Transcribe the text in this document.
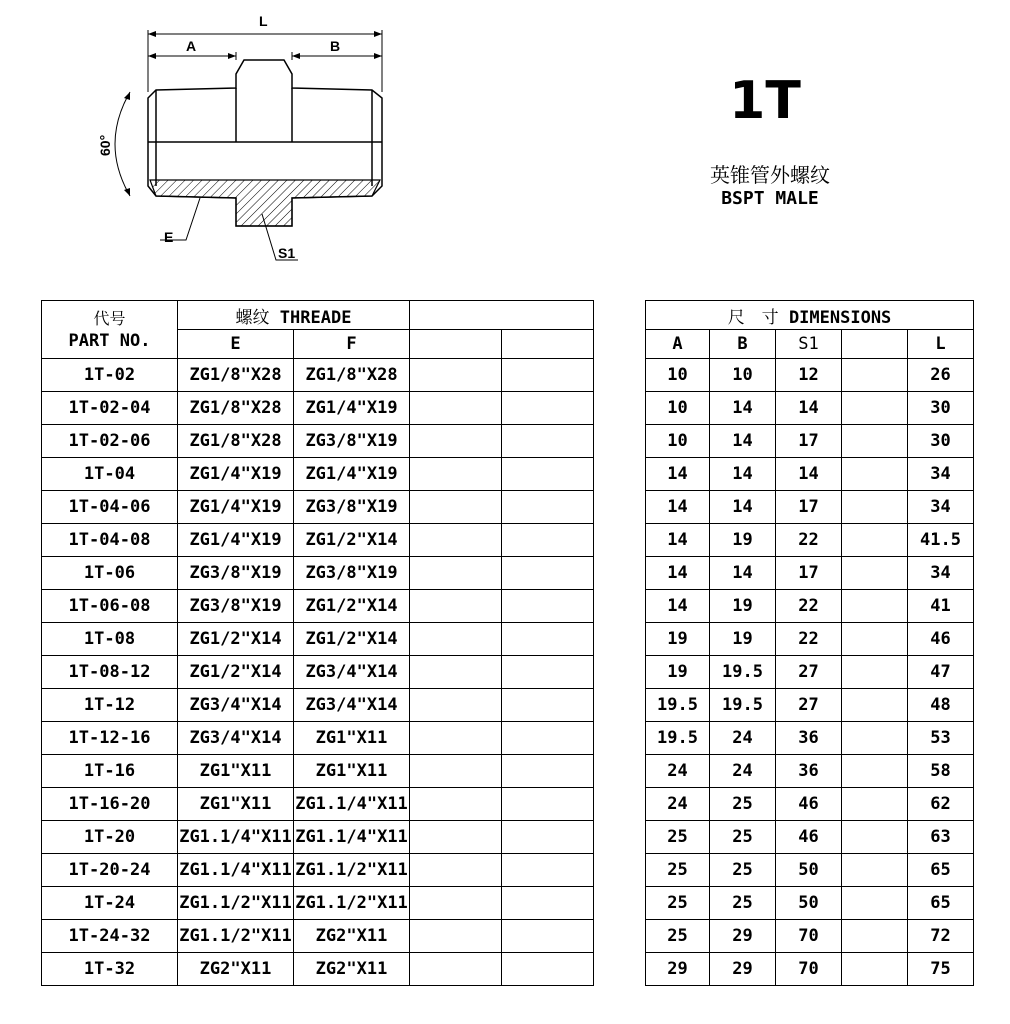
L
A	B
60°
E
S1
1T
英锥管外螺纹
BSPT MALE
代号
PART NO.	螺纹 THREADE					尺　寸 DIMENSIONS				
	E	F				A	B	S1		L
1T-02	ZG1/8"X28	ZG1/8"X28				10	10	12		26
1T-02-04	ZG1/8"X28	ZG1/4"X19				10	14	14		30
1T-02-06	ZG1/8"X28	ZG3/8"X19				10	14	17		30
1T-04	ZG1/4"X19	ZG1/4"X19				14	14	14		34
1T-04-06	ZG1/4"X19	ZG3/8"X19				14	14	17		34
1T-04-08	ZG1/4"X19	ZG1/2"X14				14	19	22		41.5
1T-06	ZG3/8"X19	ZG3/8"X19				14	14	17		34
1T-06-08	ZG3/8"X19	ZG1/2"X14				14	19	22		41
1T-08	ZG1/2"X14	ZG1/2"X14				19	19	22		46
1T-08-12	ZG1/2"X14	ZG3/4"X14				19	19.5	27		47
1T-12	ZG3/4"X14	ZG3/4"X14				19.5	19.5	27		48
1T-12-16	ZG3/4"X14	ZG1"X11				19.5	24	36		53
1T-16	ZG1"X11	ZG1"X11				24	24	36		58
1T-16-20	ZG1"X11	ZG1.1/4"X11				24	25	46		62
1T-20	ZG1.1/4"X11	ZG1.1/4"X11				25	25	46		63
1T-20-24	ZG1.1/4"X11	ZG1.1/2"X11				25	25	50		65
1T-24	ZG1.1/2"X11	ZG1.1/2"X11				25	25	50		65
1T-24-32	ZG1.1/2"X11	ZG2"X11				25	29	70		72
1T-32	ZG2"X11	ZG2"X11				29	29	70		75
